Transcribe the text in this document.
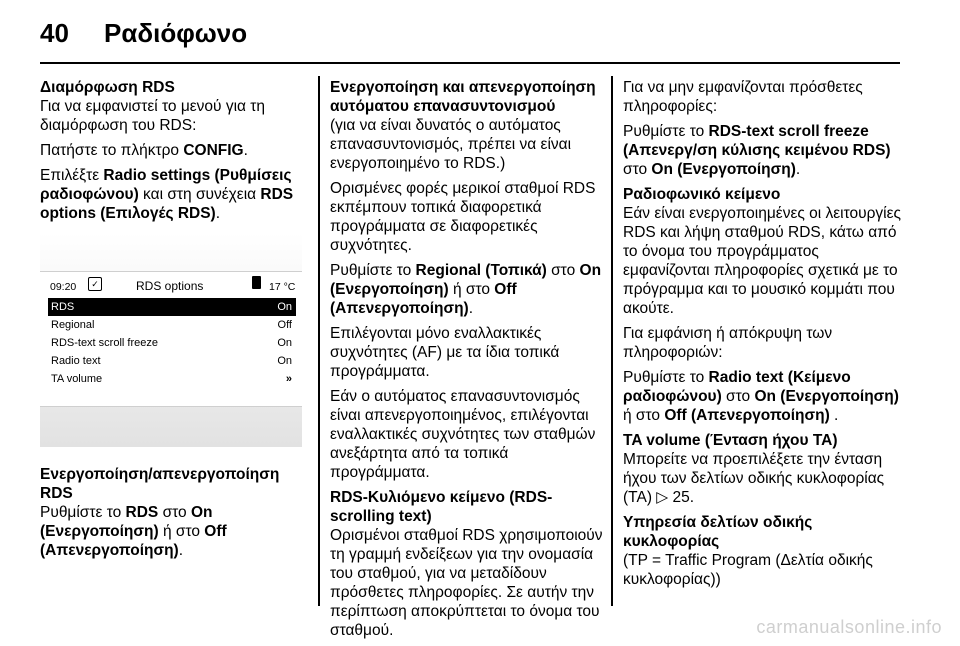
40 Ραδιόφωνο
Διαμόρφωση RDS

Για να εμφανιστεί το μενού για τη διαμόρφωση του RDS:

Πατήστε το πλήκτρο CONFIG.

Επιλέξτε Radio settings (Ρυθμίσεις ραδιοφώνου) και στη συνέχεια RDS options (Επιλογές RDS).

09:20	✓	RDS options	17 °C
RDS	On
Regional	Off
RDS-text scroll freeze	On
Radio text	On
TA volume	»
Ενεργοποίηση/απενεργοποίηση RDS

Ρυθμίστε το RDS στο On (Ενεργοποίηση) ή στο Off (Απενεργοποίηση).

Ενεργοποίηση και απενεργοποίηση αυτόματου επανασυντονισμού

(για να είναι δυνατός ο αυτόματος επανασυντονισμός, πρέπει να είναι ενεργοποιημένο το RDS.)

Ορισμένες φορές μερικοί σταθμοί RDS εκπέμπουν τοπικά διαφορετικά προγράμματα σε διαφορετικές συχνότητες.

Ρυθμίστε το Regional (Τοπικά) στο On (Ενεργοποίηση) ή στο Off (Απενεργοποίηση).

Επιλέγονται μόνο εναλλακτικές συχνότητες (AF) με τα ίδια τοπικά προγράμματα.

Εάν ο αυτόματος επανασυντονισμός είναι απενεργοποιημένος, επιλέγονται εναλλακτικές συχνότητες των σταθμών ανεξάρτητα από τα τοπικά προγράμματα.

RDS-Κυλιόμενο κείμενο (RDS-scrolling text)

Ορισμένοι σταθμοί RDS χρησιμοποιούν τη γραμμή ενδείξεων για την ονομασία του σταθμού, για να μεταδίδουν πρόσθετες πληροφορίες. Σε αυτήν την περίπτωση αποκρύπτεται το όνομα του σταθμού.

Για να μην εμφανίζονται πρόσθετες πληροφορίες:

Ρυθμίστε το RDS-text scroll freeze (Απενεργ/ση κύλισης κειμένου RDS) στο On (Ενεργοποίηση).

Ραδιοφωνικό κείμενο

Εάν είναι ενεργοποιημένες οι λειτουργίες RDS και λήψη σταθμού RDS, κάτω από το όνομα του προγράμματος εμφανίζονται πληροφορίες σχετικά με το πρόγραμμα και το μουσικό κομμάτι που ακούτε.

Για εμφάνιση ή απόκρυψη των πληροφοριών:

Ρυθμίστε το Radio text (Κείμενο ραδιοφώνου) στο On (Ενεργοποίηση) ή στο Off (Απενεργοποίηση) .

TA volume (Ένταση ήχου TA)

Μπορείτε να προεπιλέξετε την ένταση ήχου των δελτίων οδικής κυκλοφορίας (TA) ▷ 25.

Υπηρεσία δελτίων οδικής κυκλοφορίας

(TP = Traffic Program (Δελτία οδικής κυκλοφορίας))

carmanualsonline.info
